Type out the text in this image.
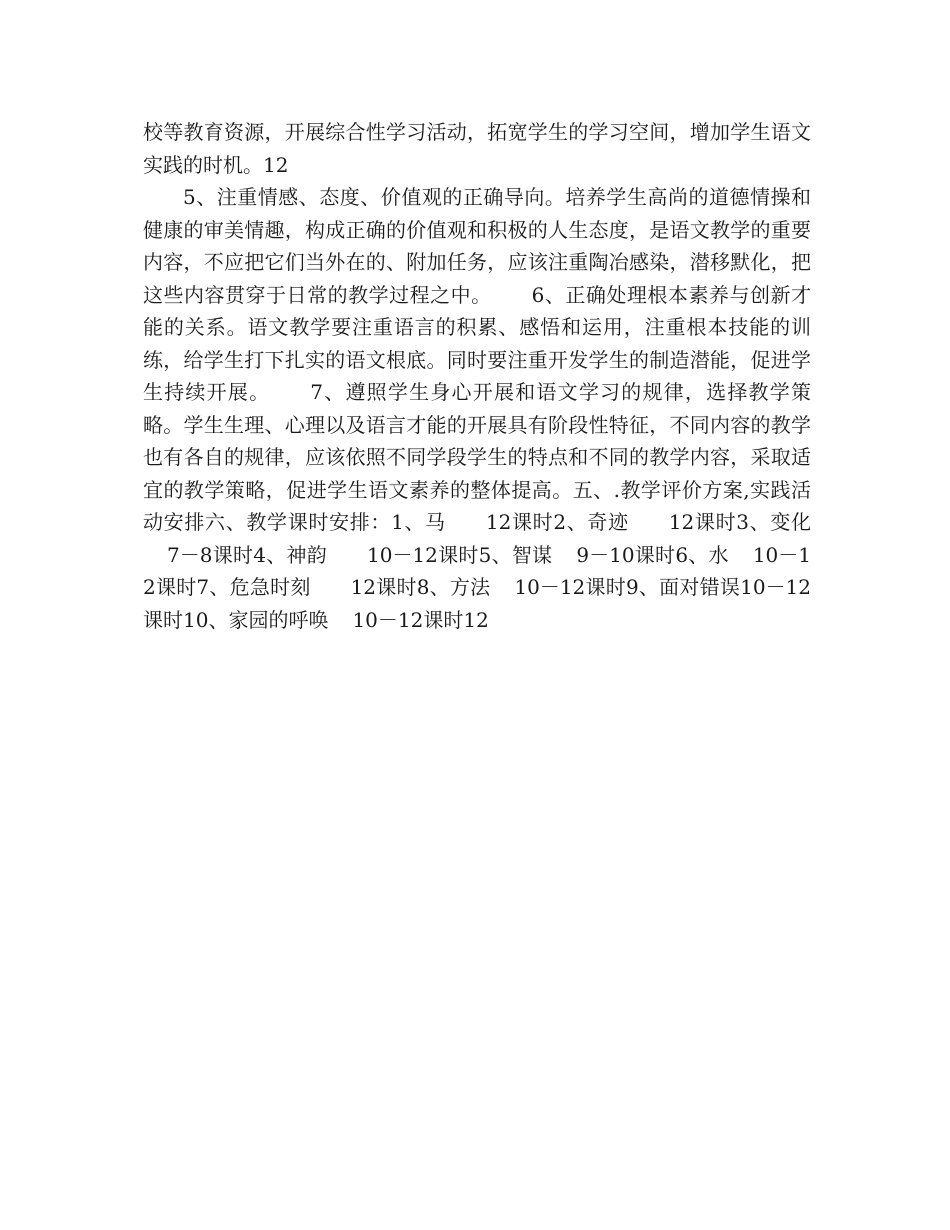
校等教育资源，开展综合性学习活动，拓宽学生的学习空间，增加学生语文实践的时机。12

5、注重情感、态度、价值观的正确导向。培养学生高尚的道德情操和健康的审美情趣，构成正确的价值观和积极的人生态度，是语文教学的重要内容，不应把它们当外在的、附加任务，应该注重陶冶感染，潜移默化，把这些内容贯穿于日常的教学过程之中。 6、正确处理根本素养与创新才能的关系。语文教学要注重语言的积累、感悟和运用，注重根本技能的训练，给学生打下扎实的语文根底。同时要注重开发学生的制造潜能，促进学生持续开展。 7、遵照学生身心开展和语文学习的规律，选择教学策略。学生生理、心理以及语言才能的开展具有阶段性特征，不同内容的教学也有各自的规律，应该依照不同学段学生的特点和不同的教学内容，采取适宜的教学策略，促进学生语文素养的整体提高。五、.教学评价方案,实践活动安排六、教学课时安排：1、马 12课时2、奇迹 12课时3、变化7－8课时4、神韵 10－12课时5、智谋 9－10课时6、水 10－12课时7、危急时刻 12课时8、方法 10－12课时9、面对错误10－12课时10、家园的呼唤 10－12课时12
